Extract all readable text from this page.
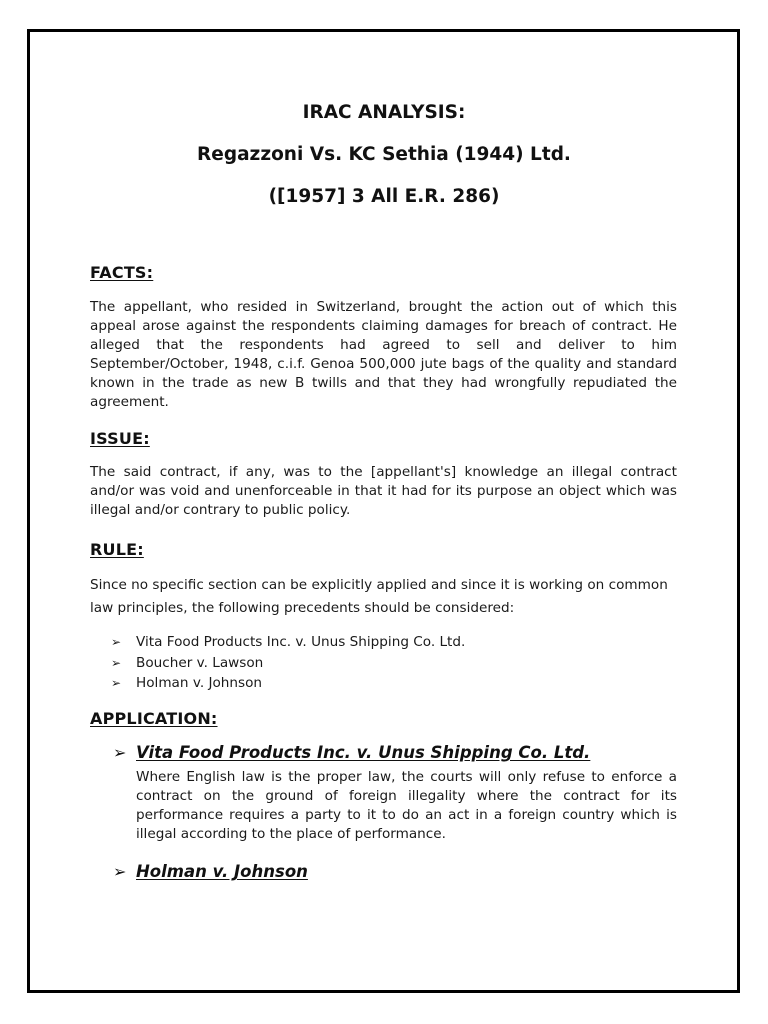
IRAC ANALYSIS:
Regazzoni Vs. KC Sethia (1944) Ltd.
([1957] 3 All E.R. 286)
FACTS:
The appellant, who resided in Switzerland, brought the action out of which this appeal arose against the respondents claiming damages for breach of contract. He alleged that the respondents had agreed to sell and deliver to him September/October, 1948, c.i.f. Genoa 500,000 jute bags of the quality and standard known in the trade as new B twills and that they had wrongfully repudiated the agreement.
ISSUE:
The said contract, if any, was to the [appellant's] knowledge an illegal contract and/or was void and unenforceable in that it had for its purpose an object which was illegal and/or contrary to public policy.
RULE:
Since no specific section can be explicitly applied and since it is working on common law principles, the following precedents should be considered:
➢	Vita Food Products Inc. v. Unus Shipping Co. Ltd.
➢	Boucher v. Lawson
➢	Holman v. Johnson
APPLICATION:
➢ Vita Food Products Inc. v. Unus Shipping Co. Ltd.
Where English law is the proper law, the courts will only refuse to enforce a contract on the ground of foreign illegality where the contract for its performance requires a party to it to do an act in a foreign country which is illegal according to the place of performance.
➢ Holman v. Johnson
